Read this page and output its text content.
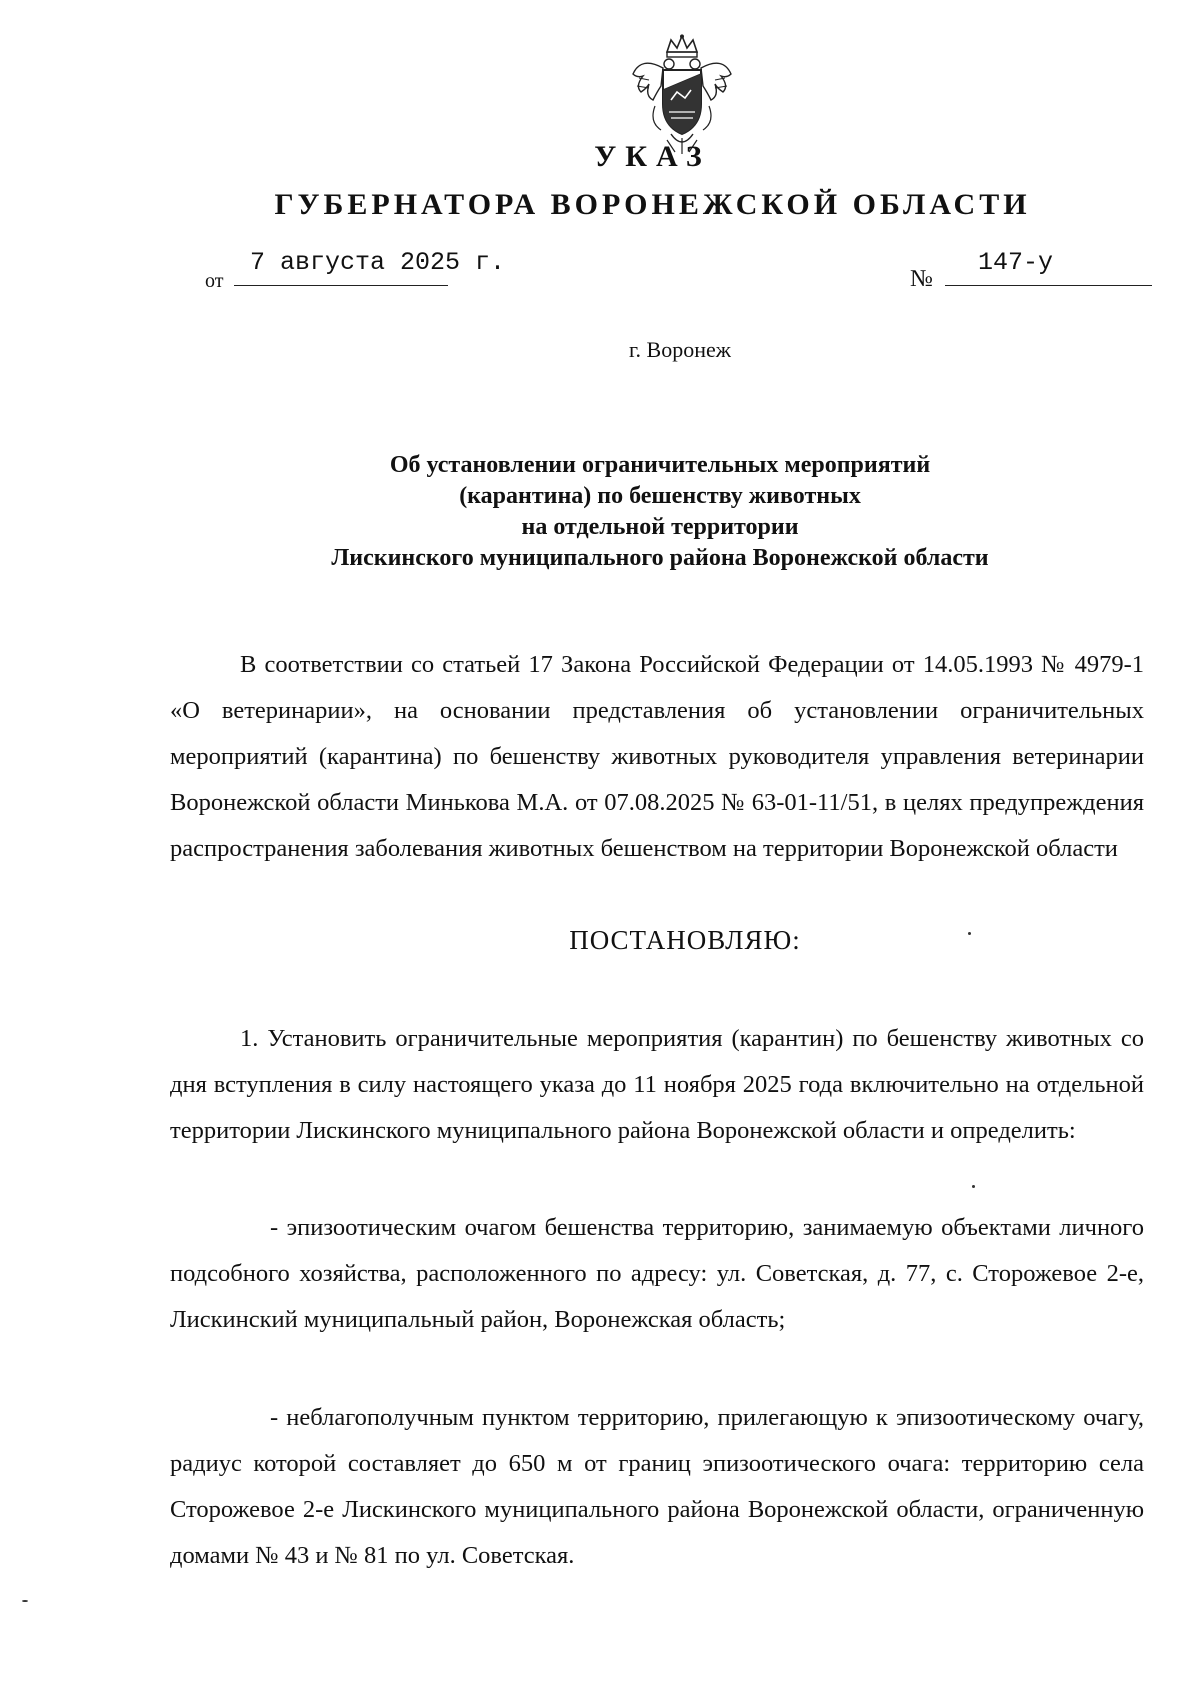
УКАЗ
ГУБЕРНАТОРА ВОРОНЕЖСКОЙ ОБЛАСТИ
от
7 августа 2025 г.
№
147-у
г. Воронеж
Об установлении ограничительных мероприятий
(карантина) по бешенству животных
на отдельной территории
Лискинского муниципального района Воронежской области
В соответствии со статьей 17 Закона Российской Федерации от 14.05.1993 № 4979-1 «О ветеринарии», на основании представления об установлении ограничительных мероприятий (карантина) по бешенству животных руководителя управления ветеринарии Воронежской области Минькова М.А. от 07.08.2025 № 63-01-11/51, в целях предупреждения распространения заболевания животных бешенством на территории Воронежской области
ПОСТАНОВЛЯЮ:
1. Установить ограничительные мероприятия (карантин) по бешенству животных со дня вступления в силу настоящего указа до 11 ноября 2025 года включительно на отдельной территории Лискинского муниципального района Воронежской области и определить:
- эпизоотическим очагом бешенства территорию, занимаемую объектами личного подсобного хозяйства, расположенного по адресу: ул. Советская, д. 77, с. Сторожевое 2-е, Лискинский муниципальный район, Воронежская область;
- неблагополучным пунктом территорию, прилегающую к эпизоотическому очагу, радиус которой составляет до 650 м от границ эпизоотического очага: территорию села Сторожевое 2-е Лискинского муниципального района Воронежской области, ограниченную домами № 43 и № 81 по ул. Советская.
